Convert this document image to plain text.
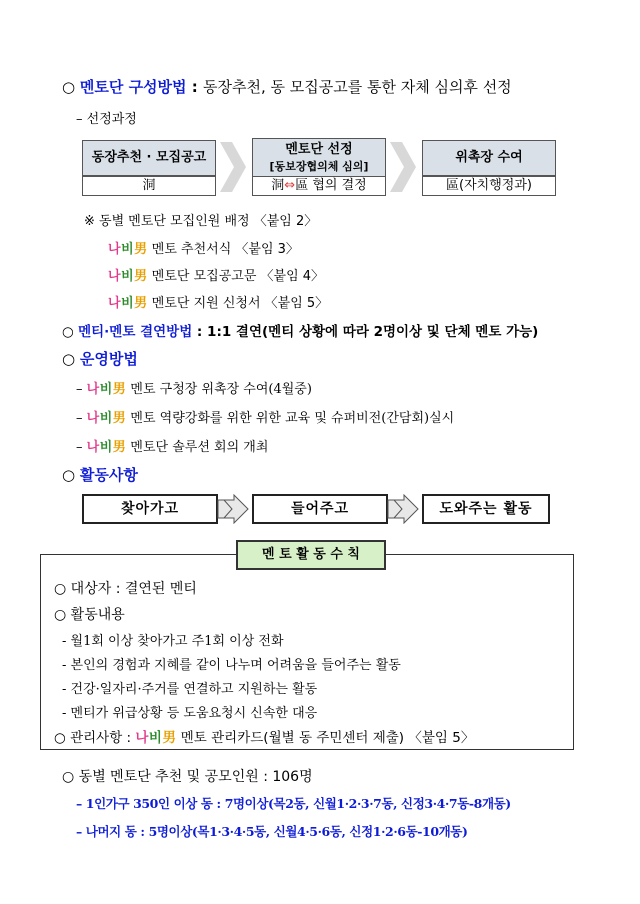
○ 멘토단 구성방법 : 동장추천, 동 모집공고를 통한 자체 심의후 선정
– 선정과정
동장추천 · 모집공고
洞
멘토단 선정
[동보장협의체 심의]
洞⇔區 협의 결정
위촉장 수여
區(자치행정과)
※ 동별 멘토단 모집인원 배정 〈붙임 2〉
나비男 멘토 추천서식 〈붙임 3〉
나비男 멘토단 모집공고문 〈붙임 4〉
나비男 멘토단 지원 신청서 〈붙임 5〉
○ 멘티·멘토 결연방법 : 1:1 결연(멘티 상황에 따라 2명이상 및 단체 멘토 가능)
○ 운영방법
– 나비男 멘토 구청장 위촉장 수여(4월중)
– 나비男 멘토 역량강화를 위한 위한 교육 및 슈퍼비전(간담회)실시
– 나비男 멘토단 솔루션 회의 개최
○ 활동사항
찾아가고	들어주고	도와주는 활동
멘 토 활 동 수 칙
○ 대상자 : 결연된 멘티
○ 활동내용
- 월1회 이상 찾아가고 주1회 이상 전화
- 본인의 경험과 지혜를 같이 나누며 어려움을 들어주는 활동
- 건강·일자리·주거를 연결하고 지원하는 활동
- 멘티가 위급상황 등 도움요청시 신속한 대응
○ 관리사항 : 나비男 멘토 관리카드(월별 동 주민센터 제출) 〈붙임 5〉
○ 동별 멘토단 추천 및 공모인원 : 106명
– 1인가구 350인 이상 동 : 7명이상(목2동, 신월1·2·3·7동, 신정3·4·7동-8개동)
– 나머지 동 : 5명이상(목1·3·4·5동, 신월4·5·6동, 신정1·2·6동-10개동)
